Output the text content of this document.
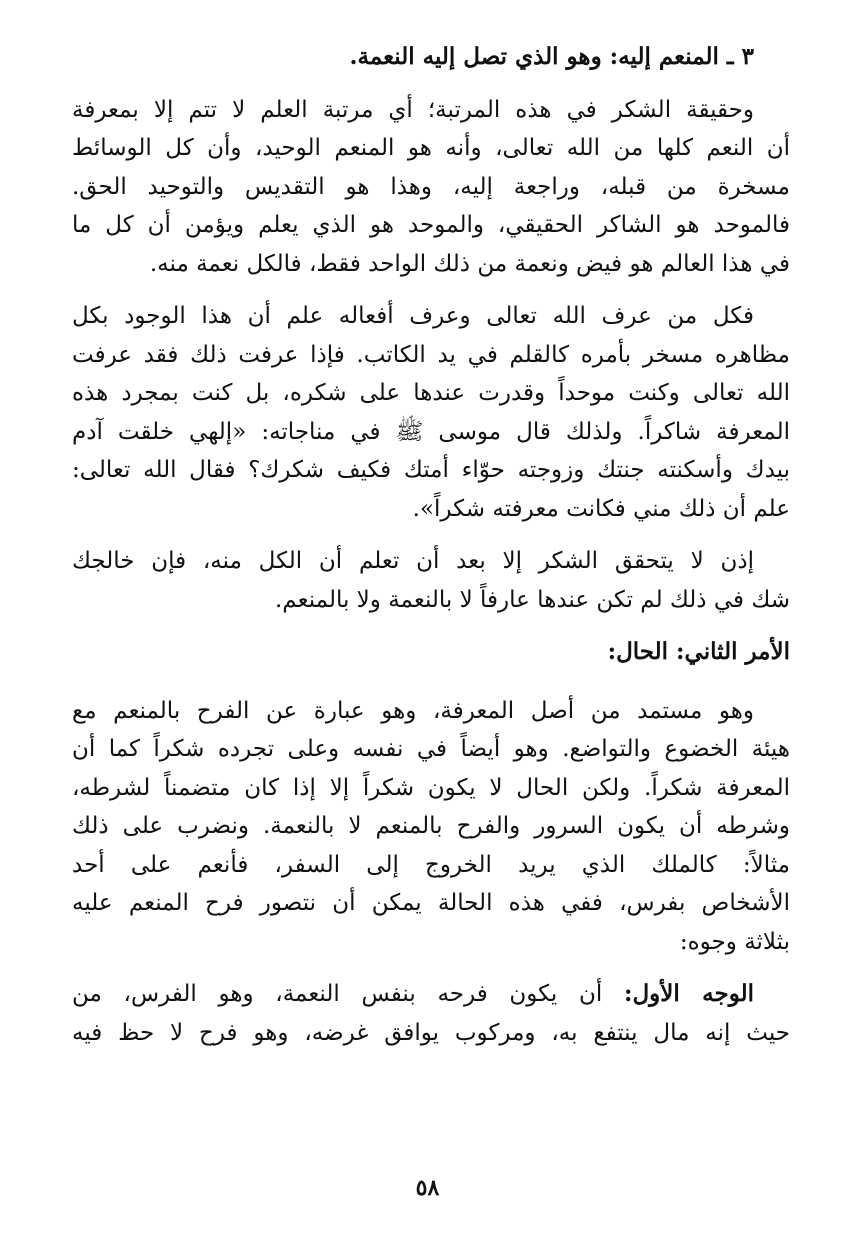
٣ ـ المنعم إليه: وهو الذي تصل إليه النعمة.
وحقيقة الشكر في هذه المرتبة؛ أي مرتبة العلم لا تتم إلا بمعرفة
أن النعم كلها من الله تعالى، وأنه هو المنعم الوحيد، وأن كل الوسائط
مسخرة من قبله، وراجعة إليه، وهذا هو التقديس والتوحيد الحق.
فالموحد هو الشاكر الحقيقي، والموحد هو الذي يعلم ويؤمن أن كل ما
في هذا العالم هو فيض ونعمة من ذلك الواحد فقط، فالكل نعمة منه.
فكل من عرف الله تعالى وعرف أفعاله علم أن هذا الوجود بكل
مظاهره مسخر بأمره كالقلم في يد الكاتب. فإذا عرفت ذلك فقد عرفت
الله تعالى وكنت موحداً وقدرت عندها على شكره، بل كنت بمجرد هذه
المعرفة شاكراً. ولذلك قال موسى ﷺ في مناجاته: «إلهي خلقت آدم
بيدك وأسكنته جنتك وزوجته حوّاء أمتك فكيف شكرك؟ فقال الله تعالى:
علم أن ذلك مني فكانت معرفته شكراً».
إذن لا يتحقق الشكر إلا بعد أن تعلم أن الكل منه، فإن خالجك
شك في ذلك لم تكن عندها عارفاً لا بالنعمة ولا بالمنعم.
الأمر الثاني: الحال:
وهو مستمد من أصل المعرفة، وهو عبارة عن الفرح بالمنعم مع
هيئة الخضوع والتواضع. وهو أيضاً في نفسه وعلى تجرده شكراً كما أن
المعرفة شكراً. ولكن الحال لا يكون شكراً إلا إذا كان متضمناً لشرطه،
وشرطه أن يكون السرور والفرح بالمنعم لا بالنعمة. ونضرب على ذلك
مثالاً: كالملك الذي يريد الخروج إلى السفر، فأنعم على أحد
الأشخاص بفرس، ففي هذه الحالة يمكن أن نتصور فرح المنعم عليه
بثلاثة وجوه:
الوجه الأول: أن يكون فرحه بنفس النعمة، وهو الفرس، من
حيث إنه مال ينتفع به، ومركوب يوافق غرضه، وهو فرح لا حظ فيه
٥٨
